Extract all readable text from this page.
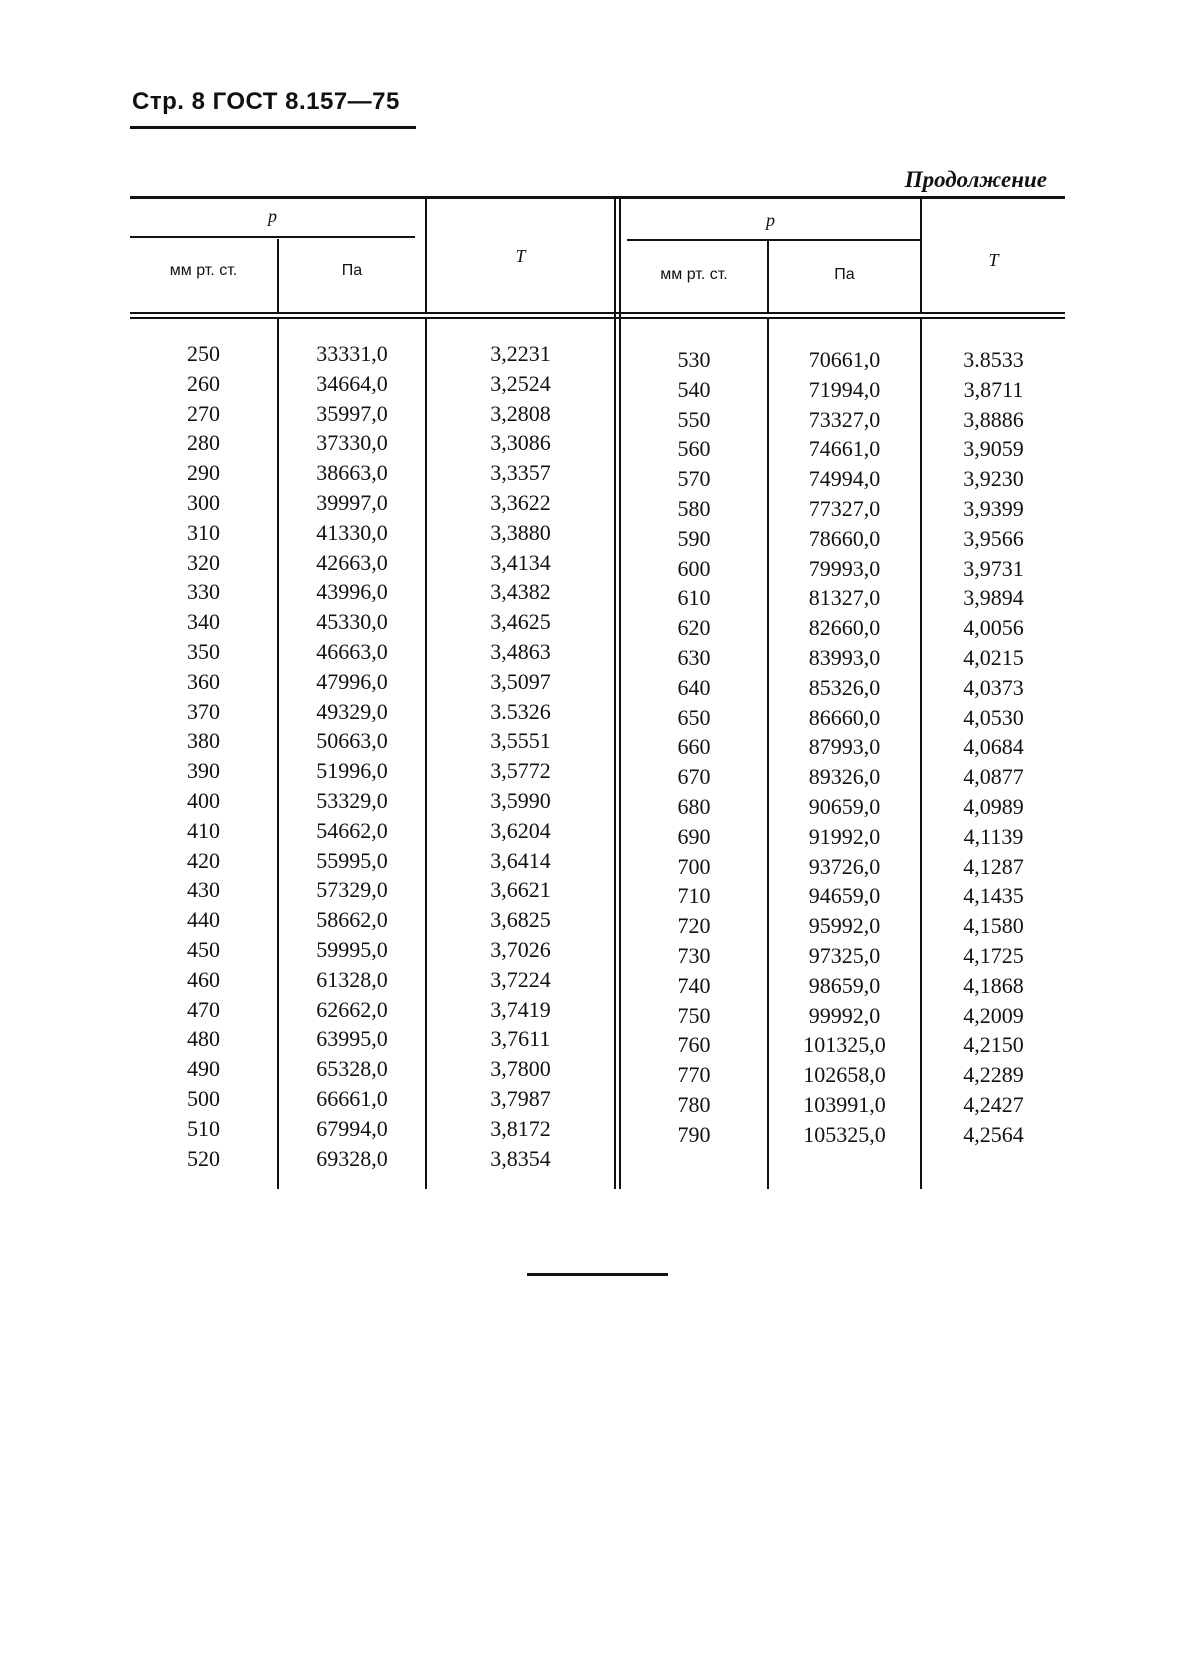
Стр. 8 ГОСТ 8.157—75
Продолжение
p
мм рт. ст.	Па
T
p
мм рт. ст.	Па
T
250
260
270
280
290
300
310
320
330
340
350
360
370
380
390
400
410
420
430
440
450
460
470
480
490
500
510
520
33331,0
34664,0
35997,0
37330,0
38663,0
39997,0
41330,0
42663,0
43996,0
45330,0
46663,0
47996,0
49329,0
50663,0
51996,0
53329,0
54662,0
55995,0
57329,0
58662,0
59995,0
61328,0
62662,0
63995,0
65328,0
66661,0
67994,0
69328,0
3,2231
3,2524
3,2808
3,3086
3,3357
3,3622
3,3880
3,4134
3,4382
3,4625
3,4863
3,5097
3.5326
3,5551
3,5772
3,5990
3,6204
3,6414
3,6621
3,6825
3,7026
3,7224
3,7419
3,7611
3,7800
3,7987
3,8172
3,8354
530
540
550
560
570
580
590
600
610
620
630
640
650
660
670
680
690
700
710
720
730
740
750
760
770
780
790
70661,0
71994,0
73327,0
74661,0
74994,0
77327,0
78660,0
79993,0
81327,0
82660,0
83993,0
85326,0
86660,0
87993,0
89326,0
90659,0
91992,0
93726,0
94659,0
95992,0
97325,0
98659,0
99992,0
101325,0
102658,0
103991,0
105325,0
3.8533
3,8711
3,8886
3,9059
3,9230
3,9399
3,9566
3,9731
3,9894
4,0056
4,0215
4,0373
4,0530
4,0684
4,0877
4,0989
4,1139
4,1287
4,1435
4,1580
4,1725
4,1868
4,2009
4,2150
4,2289
4,2427
4,2564
